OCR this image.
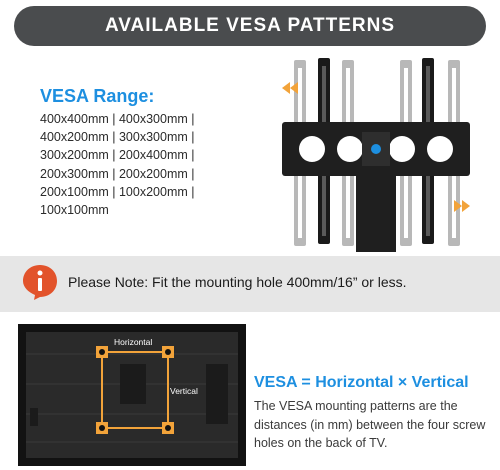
AVAILABLE VESA PATTERNS
VESA Range:
400x400mm | 400x300mm |
400x200mm | 300x300mm |
300x200mm | 200x400mm |
200x300mm | 200x200mm |
200x100mm | 100x200mm |
100x100mm
Please Note: Fit the mounting hole 400mm/16” or less.
Horizontal
Vertical	VESA = Horizontal × Vertical
The VESA mounting patterns are the distances (in mm) between the four screw holes on the back of TV.
